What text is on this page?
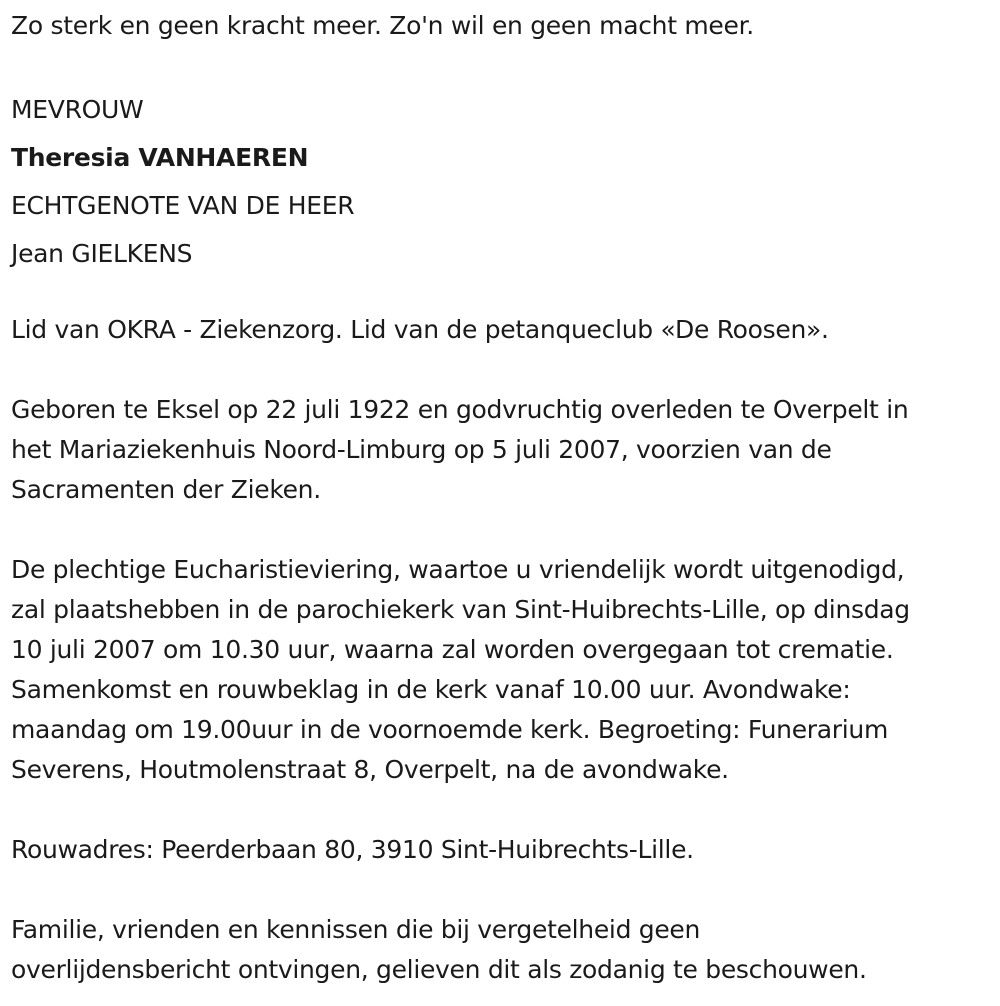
Zo sterk en geen kracht meer. Zo'n wil en geen macht meer.
MEVROUW
Theresia VANHAEREN
ECHTGENOTE VAN DE HEER
Jean GIELKENS
Lid van OKRA - Ziekenzorg. Lid van de petanqueclub «De Roosen».
Geboren te Eksel op 22 juli 1922 en godvruchtig overleden te Overpelt in
het Mariaziekenhuis Noord-Limburg op 5 juli 2007, voorzien van de
Sacramenten der Zieken.
De plechtige Eucharistieviering, waartoe u vriendelijk wordt uitgenodigd,
zal plaatshebben in de parochiekerk van Sint-Huibrechts-Lille, op dinsdag
10 juli 2007 om 10.30 uur, waarna zal worden overgegaan tot crematie.
Samenkomst en rouwbeklag in de kerk vanaf 10.00 uur. Avondwake:
maandag om 19.00uur in de voornoemde kerk. Begroeting: Funerarium
Severens, Houtmolenstraat 8, Overpelt, na de avondwake.
Rouwadres: Peerderbaan 80, 3910 Sint-Huibrechts-Lille.
Familie, vrienden en kennissen die bij vergetelheid geen
overlijdensbericht ontvingen, gelieven dit als zodanig te beschouwen.
